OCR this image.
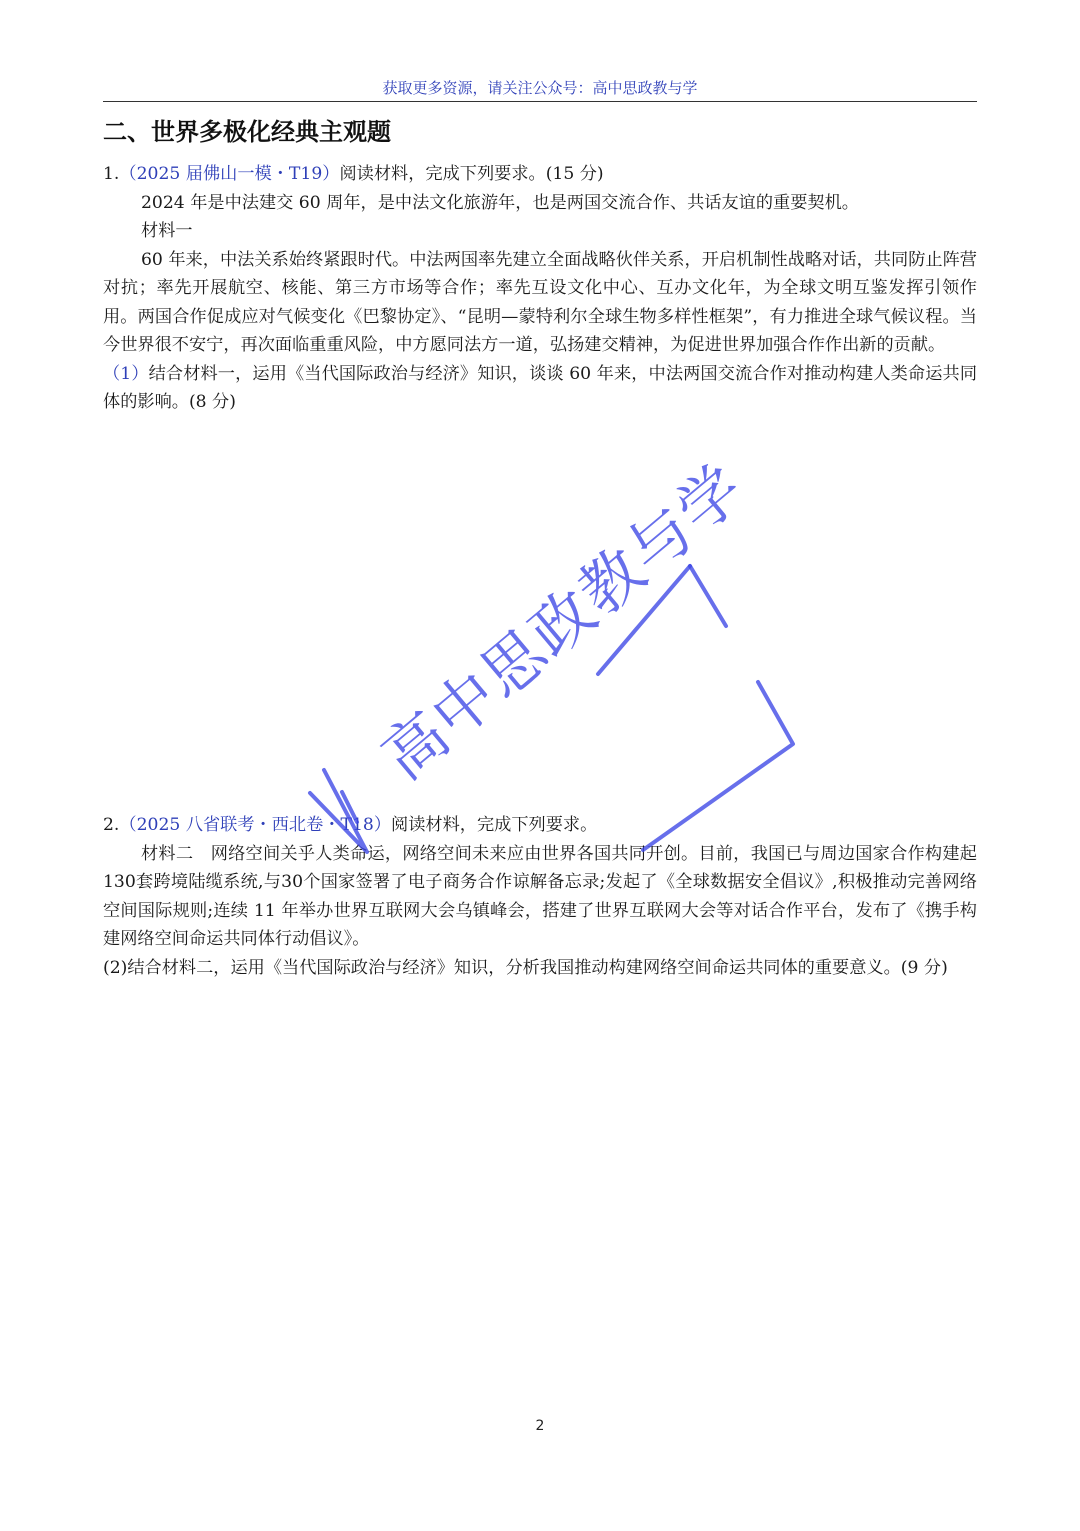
获取更多资源，请关注公众号：高中思政教与学
二、世界多极化经典主观题

1.（2025 届佛山一模・T19）阅读材料，完成下列要求。(15 分)

2024 年是中法建交 60 周年，是中法文化旅游年，也是两国交流合作、共话友谊的重要契机。

材料一

60 年来，中法关系始终紧跟时代。中法两国率先建立全面战略伙伴关系，开启机制性战略对话，共同防止阵营对抗；率先开展航空、核能、第三方市场等合作；率先互设文化中心、互办文化年，为全球文明互鉴发挥引领作用。两国合作促成应对气候变化《巴黎协定》、“昆明—蒙特利尔全球生物多样性框架”，有力推进全球气候议程。当今世界很不安宁，再次面临重重风险，中方愿同法方一道，弘扬建交精神，为促进世界加强合作作出新的贡献。

（1）结合材料一，运用《当代国际政治与经济》知识，谈谈 60 年来，中法两国交流合作对推动构建人类命运共同体的影响。(8 分)

2.（2025 八省联考・西北卷・T18）阅读材料，完成下列要求。

材料二　 网络空间关乎人类命运，网络空间未来应由世界各国共同开创。目前，我国已与周边国家合作构建起 130套跨境陆缆系统,与30个国家签署了电子商务合作谅解备忘录;发起了《全球数据安全倡议》,积极推动完善网络空间国际规则;连续 11 年举办世界互联网大会乌镇峰会，搭建了世界互联网大会等对话合作平台，发布了《携手构建网络空间命运共同体行动倡议》。

(2)结合材料二，运用《当代国际政治与经济》知识，分析我国推动构建网络空间命运共同体的重要意义。(9 分)

高中思政教与学
2
